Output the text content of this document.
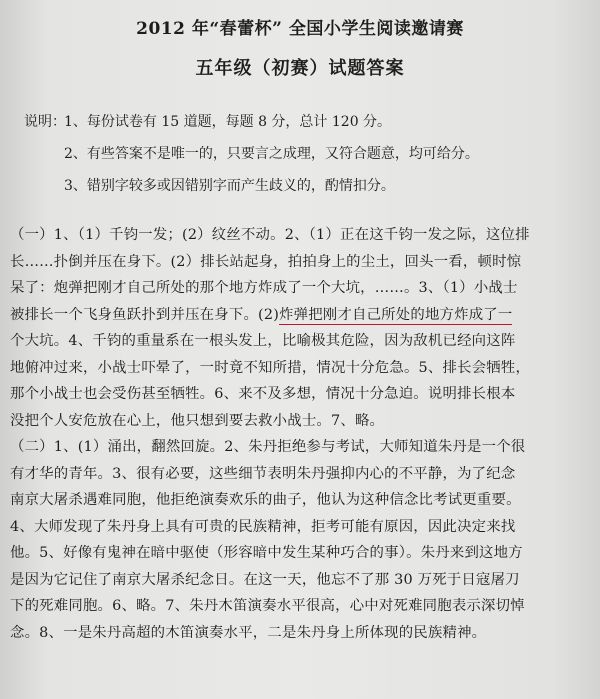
2012 年“春蕾杯” 全国小学生阅读邀请赛
五年级（初赛）试题答案
说明：1、每份试卷有 15 道题，每题 8 分，总计 120 分。
2、有些答案不是唯一的，只要言之成理，又符合题意，均可给分。
3、错别字较多或因错别字而产生歧义的，酌情扣分。
（一）1、（1）千钧一发；(2）纹丝不动。2、（1）正在这千钧一发之际，这位排
长……扑倒并压在身下。(2）排长站起身，拍拍身上的尘土，回头一看，顿时惊
呆了：炮弹把刚才自己所处的那个地方炸成了一个大坑，……。3、（1）小战士
被排长一个飞身鱼跃扑到并压在身下。(2)炸弹把刚才自己所处的地方炸成了一
个大坑。4、千钧的重量系在一根头发上，比喻极其危险，因为敌机已经向这阵
地俯冲过来，小战士吓晕了，一时竟不知所措，情况十分危急。5、排长会牺牲，
那个小战士也会受伤甚至牺牲。6、来不及多想，情况十分急迫。说明排长根本
没把个人安危放在心上，他只想到要去救小战士。7、略。
（二）1、(1）涌出，翻然回旋。2、朱丹拒绝参与考试，大师知道朱丹是一个很
有才华的青年。3、很有必要，这些细节表明朱丹强抑内心的不平静，为了纪念
南京大屠杀遇难同胞，他拒绝演奏欢乐的曲子，他认为这种信念比考试更重要。
4、大师发现了朱丹身上具有可贵的民族精神，拒考可能有原因，因此决定来找
他。5、好像有鬼神在暗中驱使（形容暗中发生某种巧合的事）。朱丹来到这地方
是因为它记住了南京大屠杀纪念日。在这一天，他忘不了那 30 万死于日寇屠刀
下的死难同胞。6、略。7、朱丹木笛演奏水平很高，心中对死难同胞表示深切悼
念。8、一是朱丹高超的木笛演奏水平，二是朱丹身上所体现的民族精神。
